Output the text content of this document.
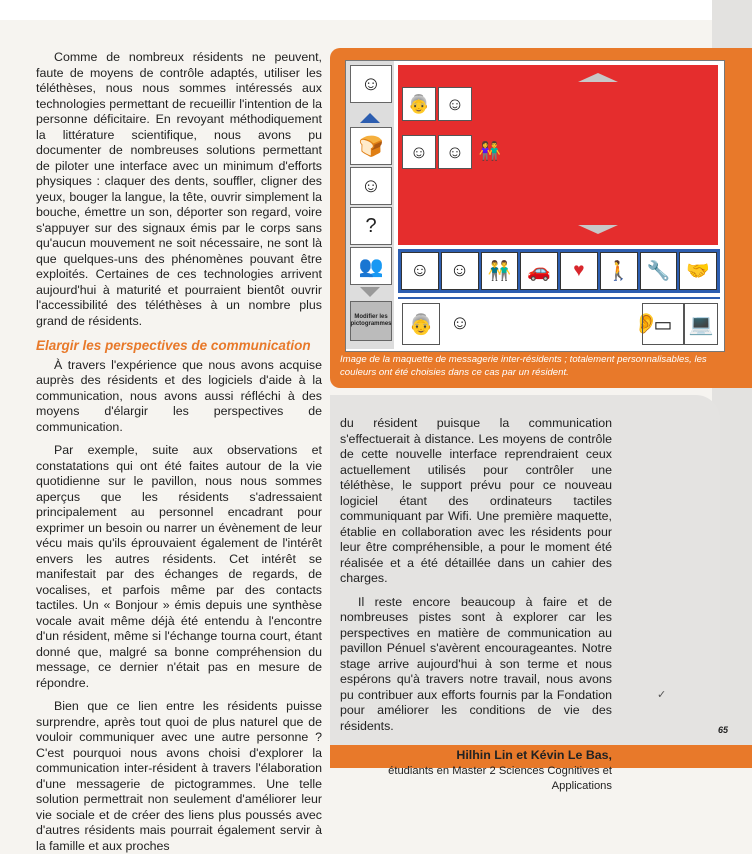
Comme de nombreux résidents ne peuvent, faute de moyens de contrôle adaptés, utiliser les téléthèses, nous nous sommes intéressés aux technologies permettant de recueillir l'intention de la personne déficitaire. En revoyant méthodiquement la littérature scientifique, nous avons pu documenter de nombreuses solutions permettant de piloter une interface avec un minimum d'efforts physiques : claquer des dents, souffler, cligner des yeux, bouger la langue, la tête, ouvrir simplement la bouche, émettre un son, déporter son regard, voire s'appuyer sur des signaux émis par le corps sans qu'aucun mouvement ne soit nécessaire, ne sont là que quelques-uns des phénomènes pouvant être exploités. Certaines de ces technologies arrivent aujourd'hui à maturité et pourraient bientôt ouvrir l'accessibilité des téléthèses à un nombre plus grand de résidents.

Elargir les perspectives de communication

À travers l'expérience que nous avons acquise auprès des résidents et des logiciels d'aide à la communication, nous avons aussi réfléchi à des moyens d'élargir les perspectives de communication.

Par exemple, suite aux observations et constatations qui ont été faites autour de la vie quotidienne sur le pavillon, nous nous sommes aperçus que les résidents s'adressaient principalement au personnel encadrant pour exprimer un besoin ou narrer un évènement de leur vécu mais qu'ils éprouvaient également de l'intérêt envers les autres résidents. Cet intérêt se manifestait par des échanges de regards, de vocalises, et parfois même par des contacts tactiles. Un « Bonjour » émis depuis une synthèse vocale avait même déjà été entendu à l'encontre d'un résident, même si l'échange tourna court, étant donné que, malgré sa bonne compréhension du message, ce dernier n'était pas en mesure de répondre.

Bien que ce lien entre les résidents puisse surprendre, après tout quoi de plus naturel que de vouloir communiquer avec une autre personne ? C'est pourquoi nous avons choisi d'explorer la communication inter-résident à travers l'élaboration d'une messagerie de pictogrammes. Une telle solution permettrait non seulement d'améliorer leur vie sociale et de créer des liens plus poussés avec d'autres résidents mais pourrait également servir à la famille et aux proches

☺
🍞
☺
?
👥
Modifier les pictogrammes
👵 ☺
☺ ☺ 👫
☺	☺ 👬 🚗	♥	🚶 🔧 🤝
👵 ☺	👂
▭ 💻
Image de la maquette de messagerie inter-résidents ; totalement personnalisables, les couleurs ont été choisies dans ce cas par un résident.

du résident puisque la communication s'effectuerait à distance. Les moyens de contrôle de cette nouvelle interface reprendraient ceux actuellement utilisés pour contrôler une téléthèse, le support prévu pour ce nouveau logiciel étant des ordinateurs tactiles communiquant par Wifi. Une première maquette, établie en collaboration avec les résidents pour leur être compréhensible, a pour le moment été réalisée et a été détaillée dans un cahier des charges.

Il reste encore beaucoup à faire et de nombreuses pistes sont à explorer car les perspectives en matière de communication au pavillon Pénuel s'avèrent encourageantes. Notre stage arrive aujourd'hui à son terme et nous espérons qu'à travers notre travail, nous avons pu contribuer aux efforts fournis par la Fondation pour améliorer les conditions de vie des résidents.

Hilhin Lin et Kévin Le Bas,
étudiants en Master 2 Sciences Cognitives et Applications
✓
65
